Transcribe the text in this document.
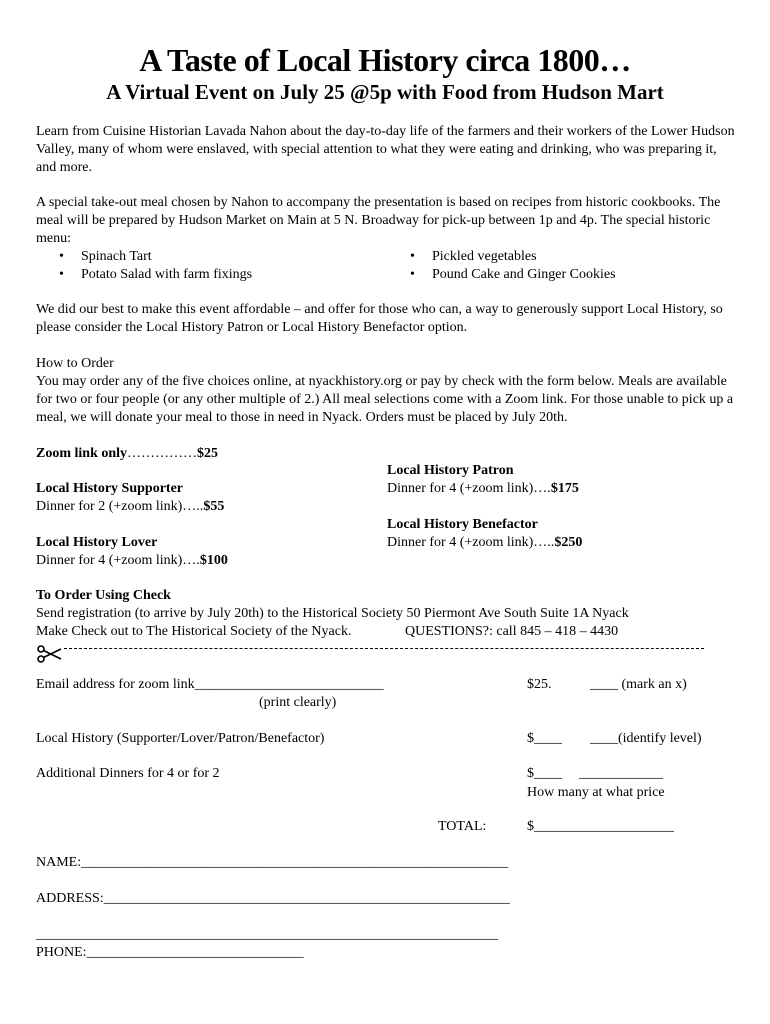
A Taste of Local History circa 1800…
A Virtual Event on July 25 @5p with Food from Hudson Mart
Learn from Cuisine Historian Lavada Nahon about the day-to-day life of the farmers and their workers of the Lower Hudson Valley, many of whom were enslaved, with special attention to what they were eating and drinking, who was preparing it, and more.
A special take-out meal chosen by Nahon to accompany the presentation is based on recipes from historic cookbooks. The meal will be prepared by Hudson Market on Main at 5 N. Broadway for pick-up between 1p and 4p. The special historic menu:
• Spinach Tart
• Potato Salad with farm fixings
• Pickled vegetables
• Pound Cake and Ginger Cookies
We did our best to make this event affordable – and offer for those who can, a way to generously support Local History, so please consider the Local History Patron or Local History Benefactor option.
How to Order
You may order any of the five choices online, at nyackhistory.org or pay by check with the form below. Meals are available for two or four people (or any other multiple of 2.) All meal selections come with a Zoom link. For those unable to pick up a meal, we will donate your meal to those in need in Nyack. Orders must be placed by July 20th.
Zoom link only……………$25
Local History Patron
Dinner for 4 (+zoom link)….$175
Local History Supporter
Dinner for 2 (+zoom link)…..$55
Local History Benefactor
Dinner for 4 (+zoom link)…..$250
Local History Lover
Dinner for 4 (+zoom link)….$100
To Order Using Check
Send registration (to arrive by July 20th) to the Historical Society 50 Piermont Ave South Suite 1A Nyack
Make Check out to The Historical Society of the Nyack.	QUESTIONS?: call 845 – 418 – 4430
Email address for zoom link___________________________
(print clearly)
$25.	____ (mark an x)
Local History (Supporter/Lover/Patron/Benefactor)	$____ ____(identify level)
Additional Dinners for 4 or for 2	$____ ____________
How many at what price
TOTAL:	$____________________
NAME:_____________________________________________________________
ADDRESS:__________________________________________________________
__________________________________________________________________
PHONE:_______________________________
